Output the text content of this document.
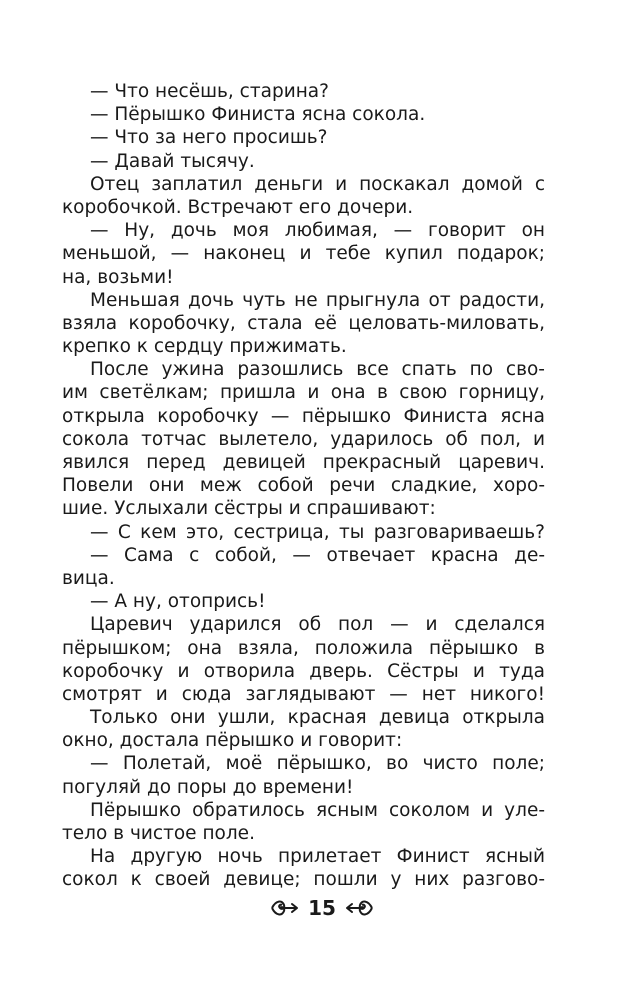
— Что несёшь, старина?
— Пёрышко Финиста ясна сокола.
— Что за него просишь?
— Давай тысячу.
Отец заплатил деньги и поскакал домой с
коробочкой. Встречают его дочери.
— Ну, дочь моя любимая, — говорит он
меньшой, — наконец и тебе купил подарок;
на, возьми!
Меньшая дочь чуть не прыгнула от радости,
взяла коробочку, стала её целовать-миловать,
крепко к сердцу прижимать.
После ужина разошлись все спать по сво-
им светёлкам; пришла и она в свою горницу,
открыла коробочку — пёрышко Финиста ясна
сокола тотчас вылетело, ударилось об пол, и
явился перед девицей прекрасный царевич.
Повели они меж собой речи сладкие, хоро-
шие. Услыхали сёстры и спрашивают:
— С кем это, сестрица, ты разговариваешь?
— Сама с собой, — отвечает красна де-
вица.
— А ну, отопрись!
Царевич ударился об пол — и сделался
пёрышком; она взяла, положила пёрышко в
коробочку и отворила дверь. Сёстры и туда
смотрят и сюда заглядывают — нет никого!
Только они ушли, красная девица открыла
окно, достала пёрышко и говорит:
— Полетай, моё пёрышко, во чисто поле;
погуляй до поры до времени!
Пёрышко обратилось ясным соколом и уле-
телo в чистое поле.
На другую ночь прилетает Финист ясный
сокол к своей девице; пошли у них разгово-
15
